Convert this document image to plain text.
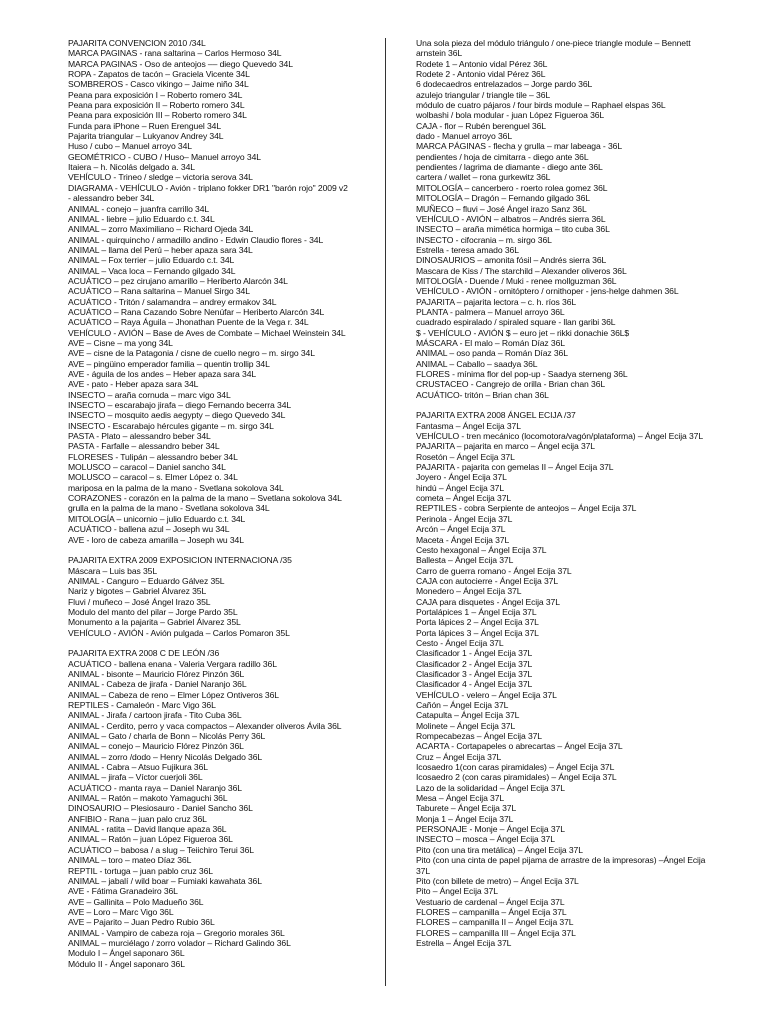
PAJARITA CONVENCION 2010 /34L
MARCA PAGINAS - rana saltarina – Carlos Hermoso 34L
MARCA PAGINAS - Oso de anteojos –– diego Quevedo 34L
ROPA - Zapatos de tacón – Graciela Vicente 34L
SOMBREROS - Casco vikingo – Jaime niño 34L
Peana para exposición I – Roberto romero 34L
Peana para exposición II – Roberto romero 34L
Peana para exposición III – Roberto romero 34L
Funda para iPhone – Ruen Erenguel 34L
Pajarita triangular – Lukyanov Andrey 34L
Huso / cubo – Manuel arroyo 34L
GEOMÉTRICO - CUBO / Huso– Manuel arroyo 34L
Itaiera – h. Nicolás delgado a. 34L
VEHÍCULO - Trineo / sledge – victoria serova 34L
DIAGRAMA - VEHÍCULO - Avión - triplano fokker DR1 "barón rojo" 2009 v2
- alessandro beber 34L
ANIMAL - conejo – juanfra carrillo 34L
ANIMAL - liebre – julio Eduardo c.t. 34L
ANIMAL – zorro Maximiliano – Richard Ojeda 34L
ANIMAL - quirquincho / armadillo andino - Edwin Claudio flores - 34L
ANIMAL – llama del Perú – heber apaza sara 34L
ANIMAL – Fox terrier – julio Eduardo c.t. 34L
ANIMAL – Vaca loca – Fernando gilgado 34L
ACUÁTICO – pez cirujano amarillo – Heriberto Alarcón 34L
ACUÁTICO – Rana saltarina – Manuel Sirgo 34L
ACUÁTICO - Tritón / salamandra – andrey ermakov 34L
ACUÁTICO – Rana Cazando Sobre Nenúfar – Heriberto Alarcón 34L
ACUÁTICO – Raya Águila – Jhonathan Puente de la Vega r. 34L
VEHÍCULO - AVIÓN – Base de Aves de Combate – Michael Weinstein 34L
AVE – Cisne – ma yong 34L
AVE – cisne de la Patagonia / cisne de cuello negro – m. sirgo 34L
AVE – pingüino emperador familia – quentin trollip 34L
AVE - águila de los andes – Heber apaza sara 34L
AVE - pato - Heber apaza sara 34L
INSECTO – araña cornuda – marc vigo 34L
INSECTO – escarabajo jirafa – diego Fernando becerra 34L
INSECTO – mosquito aedis aegypty – diego Quevedo 34L
INSECTO - Escarabajo hércules gigante – m. sirgo 34L
PASTA - Plato – alessandro beber 34L
PASTA - Farfalle – alessandro beber 34L
FLORESES - Tulipán – alessandro beber 34L
MOLUSCO – caracol – Daniel sancho 34L
MOLUSCO – caracol – s. Elmer López o. 34L
mariposa en la palma de la mano - Svetlana sokolova 34L
CORAZONES - corazón en la palma de la mano – Svetlana sokolova 34L
grulla en la palma de la mano - Svetlana sokolova 34L
MITOLOGÍA – unicornio – julio Eduardo c.t. 34L
ACUÁTICO - ballena azul – Joseph wu 34L
AVE - loro de cabeza amarilla – Joseph wu 34L
PAJARITA EXTRA 2009 EXPOSICION INTERNACIONA /35
Máscara – Luis bas 35L
ANIMAL - Canguro – Eduardo Gálvez 35L
Nariz y bigotes – Gabriel Álvarez 35L
Fluvi / muñeco – José Ángel Irazo 35L
Modulo del manto del pilar – Jorge Pardo 35L
Monumento a la pajarita – Gabriel Álvarez 35L
VEHÍCULO - AVIÓN - Avión pulgada – Carlos Pomaron 35L
PAJARITA EXTRA 2008 C DE LEÓN /36
ACUÁTICO - ballena enana - Valeria Vergara radillo 36L
ANIMAL - bisonte – Mauricio Flórez Pinzón 36L
ANIMAL - Cabeza de jirafa - Daniel Naranjo 36L
ANIMAL – Cabeza de reno – Elmer López Ontiveros 36L
REPTILES - Camaleón - Marc Vigo 36L
ANIMAL - Jirafa / cartoon jirafa - Tito Cuba 36L
ANIMAL - Cerdito, perro y vaca compactos – Alexander oliveros Ávila 36L
ANIMAL – Gato / charla de Bonn – Nicolás Perry 36L
ANIMAL – conejo – Mauricio Flórez Pinzón 36L
ANIMAL – zorro /dodo – Henry Nicolás Delgado 36L
ANIMAL - Cabra – Atsuo Fujikura 36L
ANIMAL – jirafa – Víctor cuerjoli 36L
ACUÁTICO - manta raya – Daniel Naranjo 36L
ANIMAL – Ratón – makoto Yamaguchi 36L
DINOSAURIO – Plesiosauro - Daniel Sancho 36L
ANFIBIO - Rana – juan palo cruz 36L
ANIMAL - ratita – David llanque apaza 36L
ANIMAL – Ratón – juan López Figueroa 36L
ACUÁTICO – babosa / a slug – Teiichiro Terui 36L
ANIMAL – toro – mateo Díaz 36L
REPTIL - tortuga – juan pablo cruz 36L
ANIMAL – jabalí / wild boar – Fumiaki kawahata 36L
AVE - Fátima Granadeiro 36L
AVE – Gallinita – Polo Madueño 36L
AVE – Loro – Marc Vigo 36L
AVE – Pajarito – Juan Pedro Rubio 36L
ANIMAL - Vampiro de cabeza roja – Gregorio morales 36L
ANIMAL – murciélago / zorro volador – Richard Galindo 36L
Modulo I – Ángel saponaro 36L
Módulo II - Ángel saponaro 36L
Una sola pieza del módulo triángulo / one-piece triangle module – Bennett arnstein 36L
Rodete 1 – Antonio vidal Pérez 36L
Rodete 2 - Antonio vidal Pérez 36L
6 dodecaedros entrelazados – Jorge pardo 36L
azulejo triangular / triangle tile – 36L
módulo de cuatro pájaros / four birds module – Raphael elspas 36L
wolbashi / bola modular - juan López Figueroa 36L
CAJA - flor – Rubén berenguel 36L
dado - Manuel arroyo 36L
MARCA PÁGINAS - flecha y grulla – mar labeaga - 36L
pendientes / hoja de cimitarra - diego ante 36L
pendientes / lagrima de diamante - diego ante 36L
cartera / wallet – rona gurkewitz 36L
MITOLOGÍA – cancerbero - roerto rolea gomez 36L
MITOLOGÍA – Dragón – Fernando gilgado 36L
MUÑECO – fluvi – José Ángel irazo Sanz 36L
VEHÍCULO - AVIÓN – albatros – Andrés sierra 36L
INSECTO – araña mimética hormiga – tito cuba 36L
INSECTO - cifocrania – m. sirgo 36L
Estrella - teresa amado 36L
DINOSAURIOS – amonita fósil – Andrés sierra 36L
Mascara de Kiss / The starchild – Alexander oliveros 36L
MITOLOGÍA - Duende / Muki - renee mollguzman 36L
VEHÍCULO - AVIÓN - ornitóptero / ornithoper - jens-helge dahmen 36L
PAJARITA – pajarita lectora – c. h. ríos 36L
PLANTA - palmera – Manuel arroyo 36L
cuadrado espiralado / spiraled square - llan garibi 36L
$ - VEHÍCULO - AVIÓN $ – euro jet – rikki donachie 36L$
MÁSCARA - El malo – Román Díaz 36L
ANIMAL – oso panda – Román Díaz 36L
ANIMAL – Caballo – saadya 36L
FLORES - mínima flor del pop-up - Saadya sterneng 36L
CRUSTACEO - Cangrejo de orilla - Brian chan 36L
ACUÁTICO- tritón – Brian chan 36L
PAJARITA EXTRA 2008 ÁNGEL ECIJA /37
Fantasma – Ángel Ecija 37L
VEHÍCULO - tren mecánico (locomotora/vagón/plataforma) – Ángel Ecija 37L
PAJARITA – pajarita en marco – Ángel ecija 37L
Rosetón – Ángel Ecija 37L
PAJARITA - pajarita con gemelas II – Ángel Ecija 37L
Joyero - Ángel Ecija 37L
hindú – Ángel Ecija 37L
cometa – Ángel Ecija 37L
REPTILES - cobra Serpiente de anteojos – Ángel Ecija 37L
Perinola - Ángel Ecija 37L
Arcón – Ángel Ecija 37L
Maceta - Ángel Ecija 37L
Cesto hexagonal – Ángel Ecija 37L
Ballesta – Ángel Ecija 37L
Carro de guerra romano - Ángel Ecija 37L
CAJA con autocierre - Ángel Ecija 37L
Monedero – Ángel Ecija 37L
CAJA para disquetes - Ángel Ecija 37L
Portalápices 1 – Ángel Ecija 37L
Porta lápices 2 – Ángel Ecija 37L
Porta lápices 3 – Ángel Ecija 37L
Cesto - Ángel Ecija 37L
Clasificador 1 - Ángel Ecija 37L
Clasificador 2 - Ángel Ecija 37L
Clasificador 3 - Ángel Ecija 37L
Clasificador 4 - Ángel Ecija 37L
VEHÍCULO - velero – Ángel Ecija 37L
Cañón – Ángel Ecija 37L
Catapulta – Ángel Ecija 37L
Molinete – Ángel Ecija 37L
Rompecabezas – Ángel Ecija 37L
ACARTA - Cortapapeles o abrecartas – Ángel Ecija 37L
Cruz – Ángel Ecija 37L
Icosaedro 1(con caras piramidales) – Ángel Ecija 37L
Icosaedro 2 (con caras piramidales) – Ángel Ecija 37L
Lazo de la solidaridad – Ángel Ecija 37L
Mesa – Ángel Ecija 37L
Taburete – Ángel Ecija 37L
Monja 1 – Ángel Ecija 37L
PERSONAJE - Monje – Ángel Ecija 37L
INSECTO – mosca – Ángel Ecija 37L
Pito (con una tira metálica) – Ángel Ecija 37L
Pito (con una cinta de papel pijama de arrastre de la impresoras) –Ángel Ecija 37L
Pito (con billete de metro) – Ángel Ecija 37L
Pito – Ángel Ecija 37L
Vestuario de cardenal – Ángel Ecija 37L
FLORES – campanilla – Ángel Ecija 37L
FLORES – campanilla II – Ángel Ecija 37L
FLORES – campanilla III – Ángel Ecija 37L
Estrella – Ángel Ecija 37L
